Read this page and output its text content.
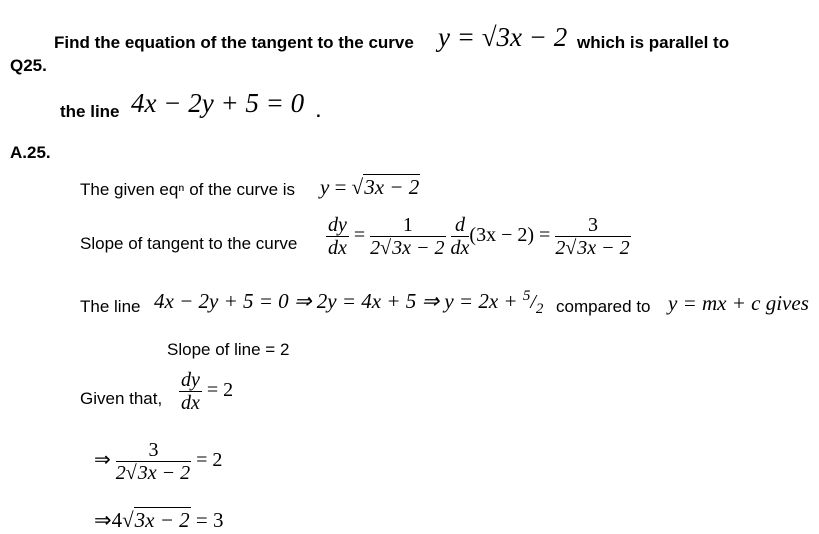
Find the equation of the tangent to the curve y = √3x − 2 which is parallel to
Q25.
the line 4x − 2y + 5 = 0 .
A.25.
The given eqⁿ of the curve is y = √3x − 2
Slope of tangent to the curve $\frac{dy}{dx} = \frac{1}{2√3x - 2}$
$\frac{d}{dx} (3x - 2) = \frac{3}{2√3x - 2}$
The line 4x − 2y + 5 = 0 ⇒ 2y = 4x + 5 ⇒ $y = 2x + ^5/_2$ compared to y = mx + c gives
Slope of line = 2
Given that, $\frac{dy}{dx} = 2$
⇒ $\frac{3}{2√3x - 2} = 2$
⇒4√3x − 2 = 3
